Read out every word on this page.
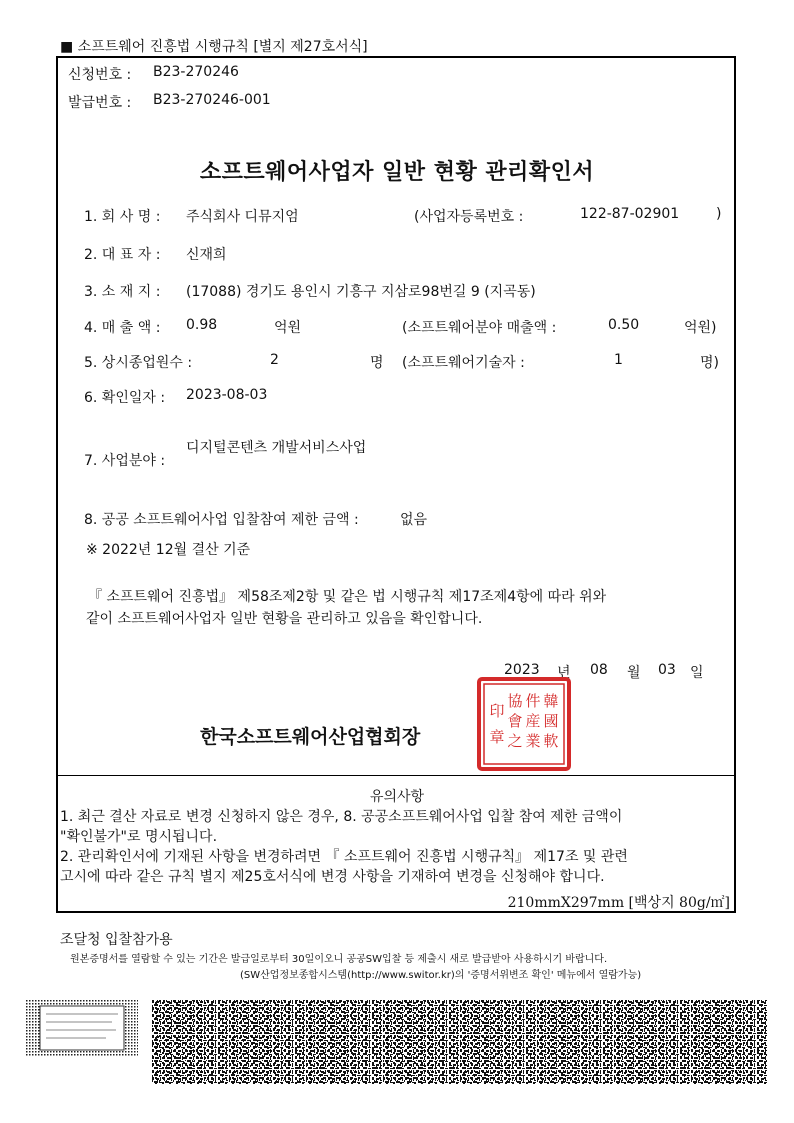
■ 소프트웨어 진흥법 시행규칙 [별지 제27호서식]
신청번호 : B23-270246
발급번호 : B23-270246-001
소프트웨어사업자 일반 현황 관리확인서
1. 회 사 명 : 주식회사 디뮤지엄	(사업자등록번호 :	122-87-02901	)
2. 대 표 자 : 신재희
3. 소 재 지 : (17088) 경기도 용인시 기흥구 지삼로98번길 9 (지곡동)
4. 매 출 액 : 0.98	억원	(소프트웨어분야 매출액 :	0.50	억원)
5. 상시종업원수 :	2	명 (소프트웨어기술자 :	1	명)
6. 확인일자 : 2023-08-03
7. 사업분야 :
디지털콘텐츠 개발서비스사업
8. 공공 소프트웨어사업 입찰참여 제한 금액 :	없음
※ 2022년 12월 결산 기준
『 소프트웨어 진흥법』 제58조제2항 및 같은 법 시행규칙 제17조제4항에 따라 위와
같이 소프트웨어사업자 일반 현황을 관리하고 있음을 확인합니다.
2023 년 08 월 03 일
한국소프트웨어산업협회장
韓
國
軟
件
産
業
協
會
之
印
章
유의사항
1. 최근 결산 자료로 변경 신청하지 않은 경우, 8. 공공소프트웨어사업 입찰 참여 제한 금액이
"확인불가"로 명시됩니다.
2. 관리확인서에 기재된 사항을 변경하려면 『 소프트웨어 진흥법 시행규칙』 제17조 및 관련
고시에 따라 같은 규칙 별지 제25호서식에 변경 사항을 기재하여 변경을 신청해야 합니다.
210mmX297mm [백상지 80g/㎡]
조달청 입찰참가용
원본증명서를 열람할 수 있는 기간은 발급일로부터 30일이오니 공공SW입찰 등 제출시 새로 발급받아 사용하시기 바랍니다.
(SW산업정보종합시스템(http://www.switor.kr)의 '증명서위변조 확인' 메뉴에서 열람가능)
